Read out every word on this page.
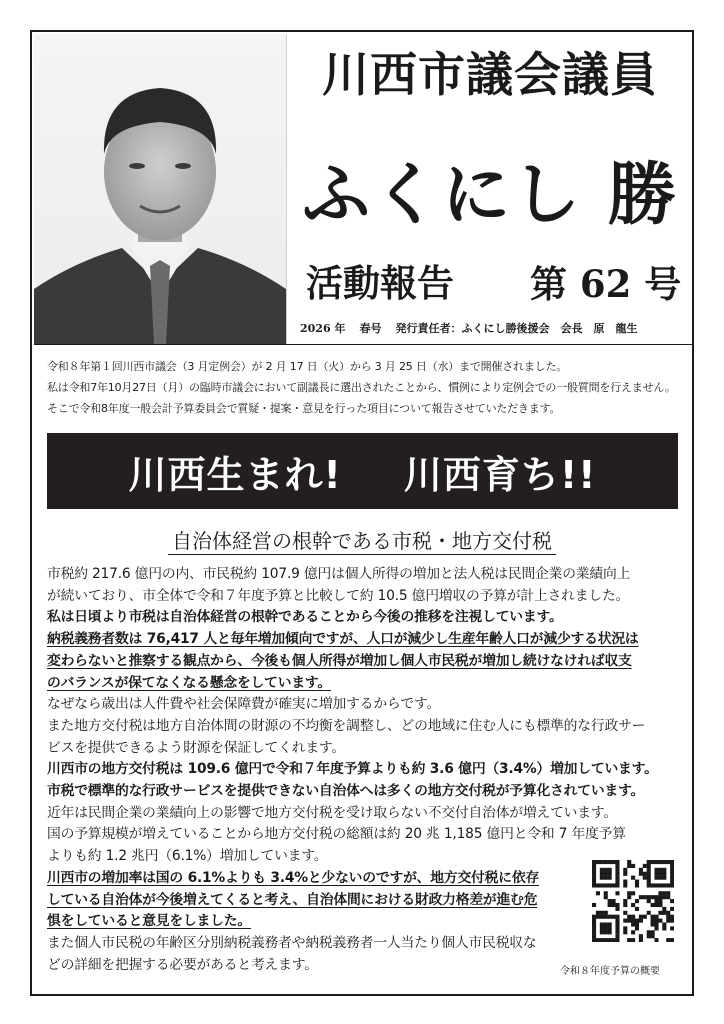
川西市議会議員
ふくにし 勝
活動報告 第 62 号
2026 年 春号 発行責任者：ふくにし勝後援会　会長　原　龍生
令和８年第１回川西市議会（3 月定例会）が 2 月 17 日（火）から 3 月 25 日（水）まで開催されました。
私は令和7年10月27日（月）の臨時市議会において副議長に選出されたことから、慣例により定例会での一般質問を行えません。
そこで令和8年度一般会計予算委員会で質疑・提案・意見を行った項目について報告させていただきます。
川西生まれ! 川西育ち!!
自治体経営の根幹である市税・地方交付税
市税約 217.6 億円の内、市民税約 107.9 億円は個人所得の増加と法人税は民間企業の業績向上
が続いており、市全体で令和７年度予算と比較して約 10.5 億円増収の予算が計上されました。
私は日頃より市税は自治体経営の根幹であることから今後の推移を注視しています。
納税義務者数は 76,417 人と毎年増加傾向ですが、人口が減少し生産年齢人口が減少する状況は
変わらないと推察する観点から、今後も個人所得が増加し個人市民税が増加し続けなければ収支
のバランスが保てなくなる懸念をしています。
なぜなら歳出は人件費や社会保障費が確実に増加するからです。
また地方交付税は地方自治体間の財源の不均衡を調整し、どの地域に住む人にも標準的な行政サー
ビスを提供できるよう財源を保証してくれます。
川西市の地方交付税は 109.6 億円で令和７年度予算よりも約 3.6 億円（3.4%）増加しています。
市税で標準的な行政サービスを提供できない自治体へは多くの地方交付税が予算化されています。
近年は民間企業の業績向上の影響で地方交付税を受け取らない不交付自治体が増えています。
国の予算規模が増えていることから地方交付税の総額は約 20 兆 1,185 億円と令和 7 年度予算
よりも約 1.2 兆円（6.1%）増加しています。
川西市の増加率は国の 6.1%よりも 3.4%と少ないのですが、地方交付税に依存
している自治体が今後増えてくると考え、自治体間における財政力格差が進む危
惧をしていると意見をしました。
また個人市民税の年齢区分別納税義務者や納税義務者一人当たり個人市民税収な
どの詳細を把握する必要があると考えます。	令和８年度予算の概要
